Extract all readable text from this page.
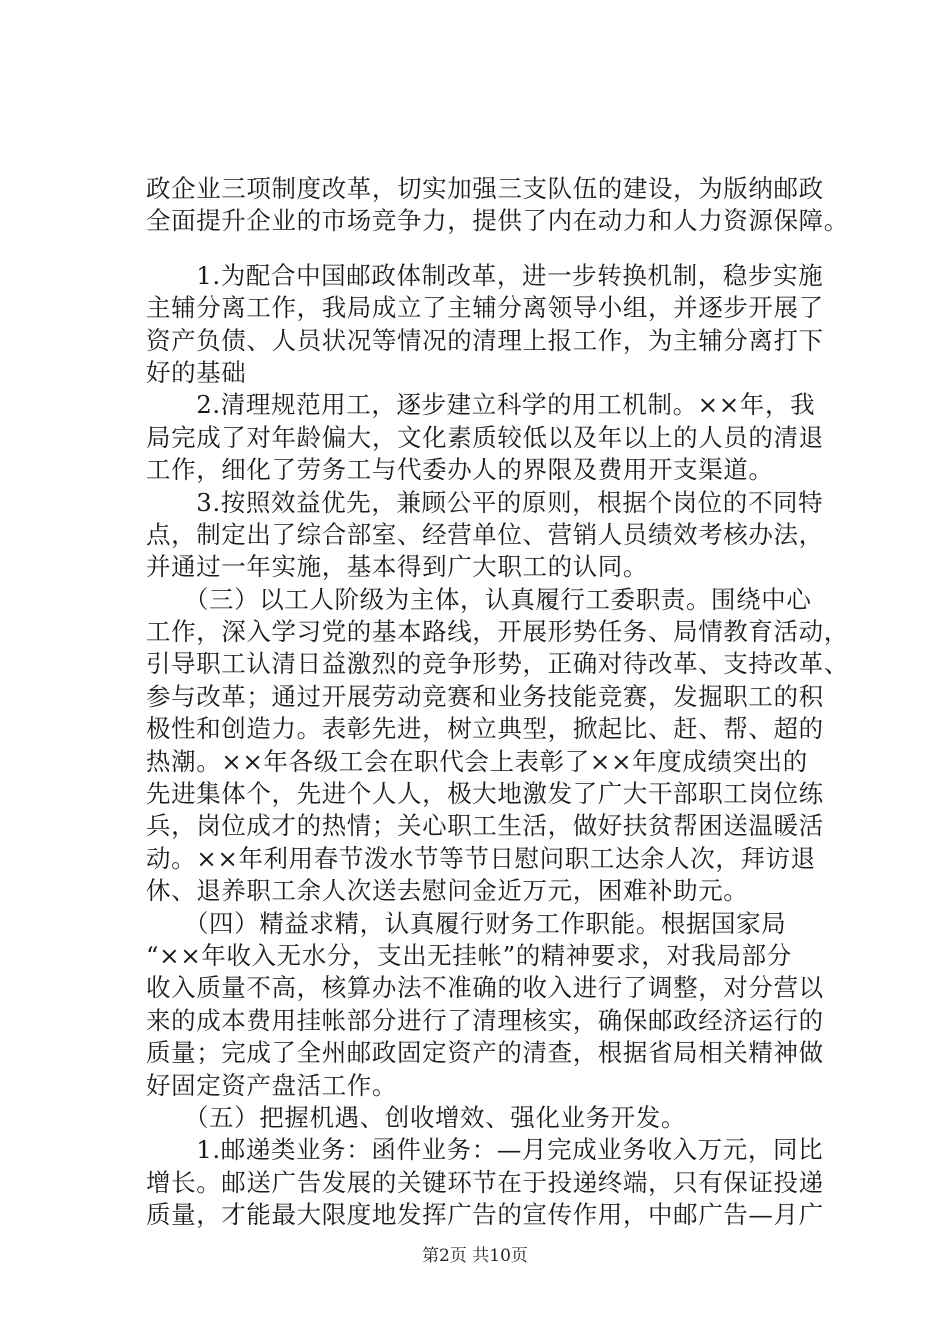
政企业三项制度改革，切实加强三支队伍的建设，为版纳邮政
全面提升企业的市场竞争力，提供了内在动力和人力资源保障。
　　1.为配合中国邮政体制改革，进一步转换机制，稳步实施
主辅分离工作，我局成立了主辅分离领导小组，并逐步开展了
资产负债、人员状况等情况的清理上报工作，为主辅分离打下
好的基础
　　2.清理规范用工，逐步建立科学的用工机制。××年，我
局完成了对年龄偏大，文化素质较低以及年以上的人员的清退
工作，细化了劳务工与代委办人的界限及费用开支渠道。
　　3.按照效益优先，兼顾公平的原则，根据个岗位的不同特
点，制定出了综合部室、经营单位、营销人员绩效考核办法，
并通过一年实施，基本得到广大职工的认同。
　　（三）以工人阶级为主体，认真履行工委职责。围绕中心
工作，深入学习党的基本路线，开展形势任务、局情教育活动，
引导职工认清日益激烈的竞争形势，正确对待改革、支持改革、
参与改革；通过开展劳动竞赛和业务技能竞赛，发掘职工的积
极性和创造力。表彰先进，树立典型，掀起比、赶、帮、超的
热潮。××年各级工会在职代会上表彰了××年度成绩突出的
先进集体个，先进个人人，极大地激发了广大干部职工岗位练
兵，岗位成才的热情；关心职工生活，做好扶贫帮困送温暖活
动。××年利用春节泼水节等节日慰问职工达余人次，拜访退
休、退养职工余人次送去慰问金近万元，困难补助元。
　　（四）精益求精，认真履行财务工作职能。根据国家局
“××年收入无水分，支出无挂帐”的精神要求，对我局部分
收入质量不高，核算办法不准确的收入进行了调整，对分营以
来的成本费用挂帐部分进行了清理核实，确保邮政经济运行的
质量；完成了全州邮政固定资产的清查，根据省局相关精神做
好固定资产盘活工作。
　　（五）把握机遇、创收增效、强化业务开发。
　　1.邮递类业务：函件业务：—月完成业务收入万元，同比
增长。邮送广告发展的关键环节在于投递终端，只有保证投递
质量，才能最大限度地发挥广告的宣传作用，中邮广告—月广
第2页 共10页
